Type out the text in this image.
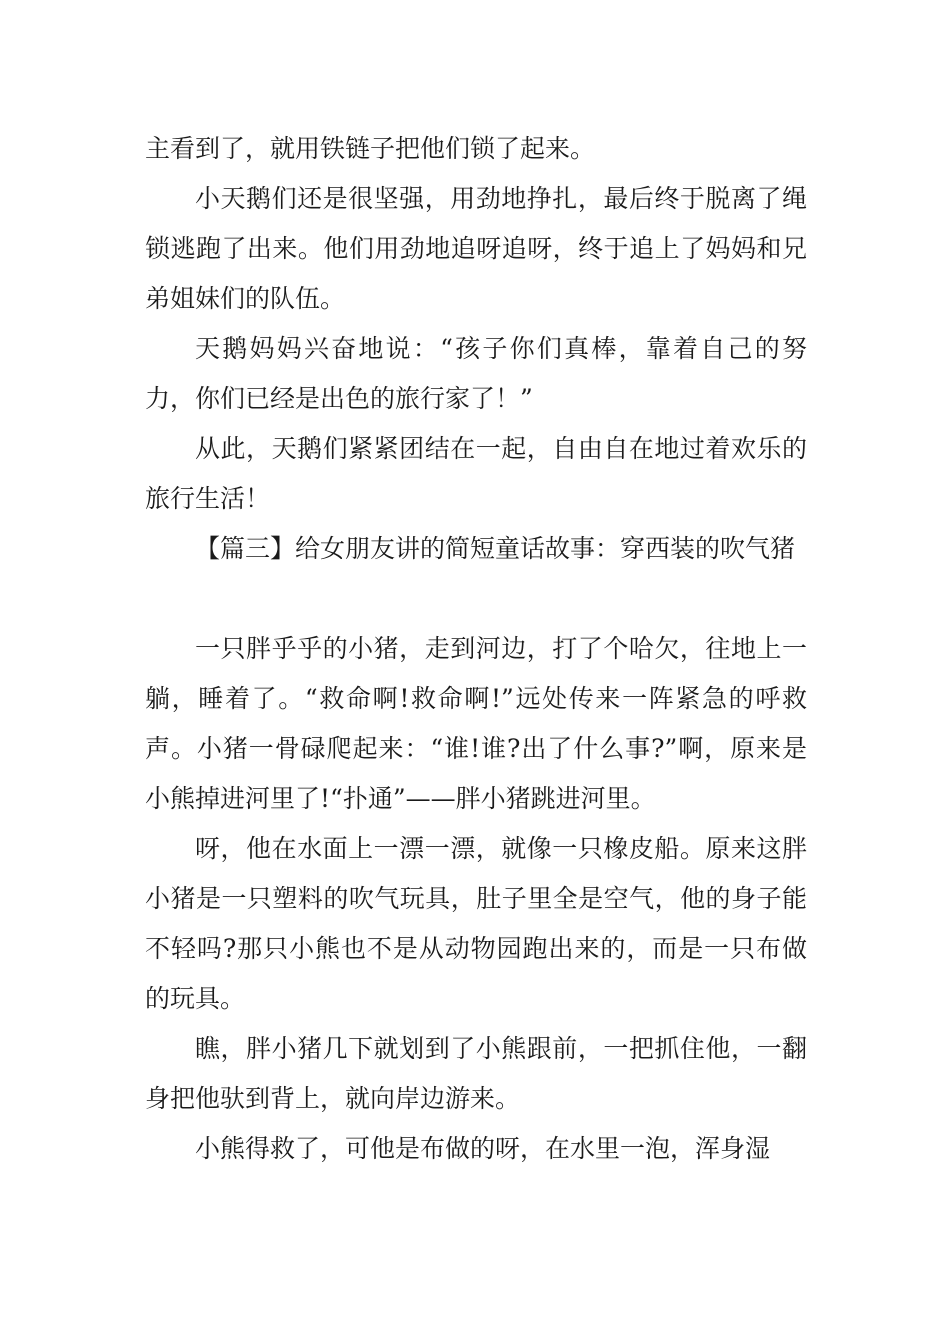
主看到了，就用铁链子把他们锁了起来。

小天鹅们还是很坚强，用劲地挣扎，最后终于脱离了绳锁逃跑了出来。他们用劲地追呀追呀，终于追上了妈妈和兄弟姐妹们的队伍。

天鹅妈妈兴奋地说：“孩子你们真棒，靠着自己的努力，你们已经是出色的旅行家了！”

从此，天鹅们紧紧团结在一起，自由自在地过着欢乐的旅行生活！

【篇三】给女朋友讲的简短童话故事：穿西装的吹气猪

一只胖乎乎的小猪，走到河边，打了个哈欠，往地上一躺，睡着了。“救命啊!救命啊!”远处传来一阵紧急的呼救声。小猪一骨碌爬起来：“谁!谁?出了什么事?”啊，原来是小熊掉进河里了!“扑通”——胖小猪跳进河里。

呀，他在水面上一漂一漂，就像一只橡皮船。原来这胖小猪是一只塑料的吹气玩具，肚子里全是空气，他的身子能不轻吗?那只小熊也不是从动物园跑出来的，而是一只布做的玩具。

瞧，胖小猪几下就划到了小熊跟前，一把抓住他，一翻身把他驮到背上，就向岸边游来。

小熊得救了，可他是布做的呀，在水里一泡，浑身湿
